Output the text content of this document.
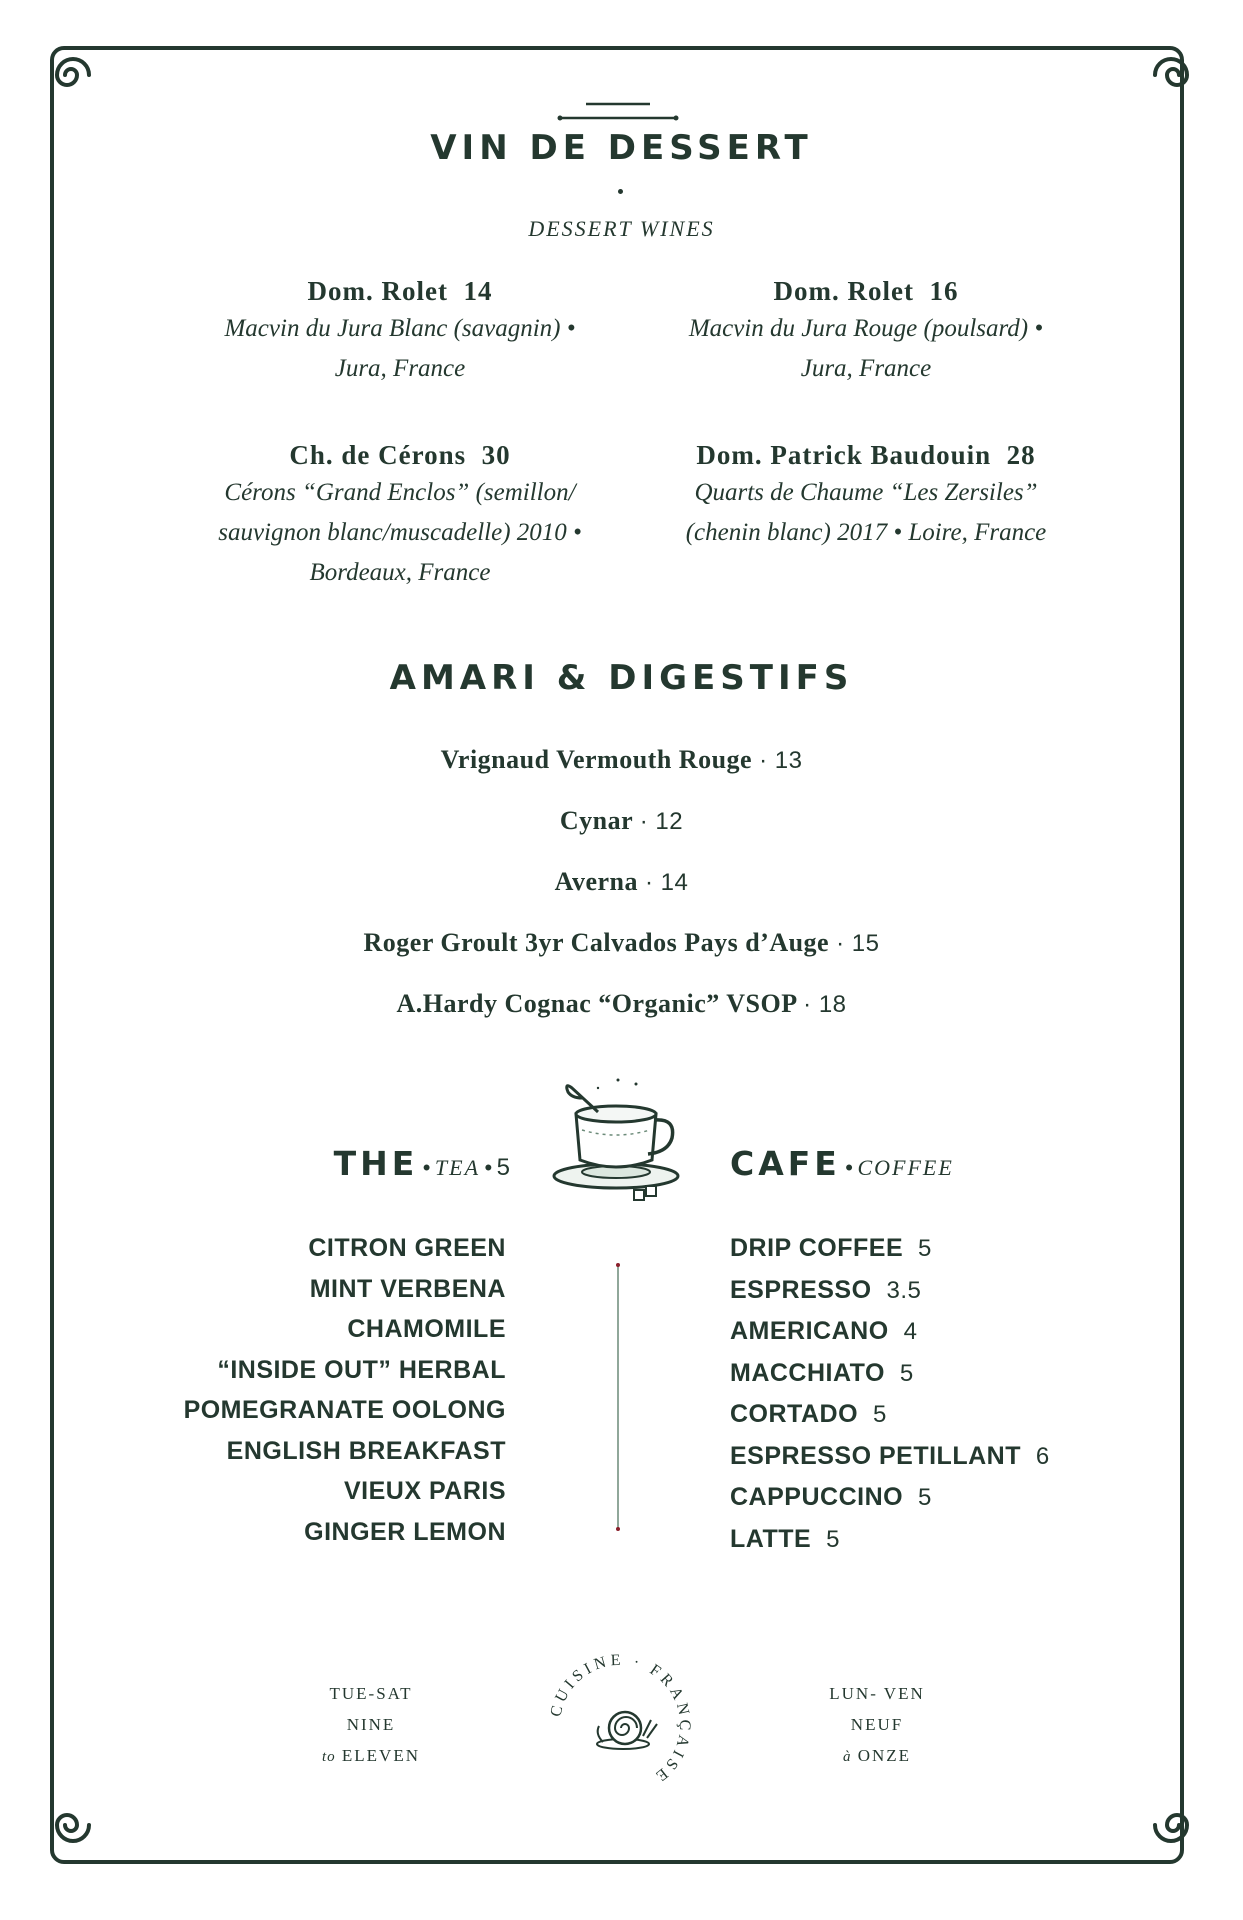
VIN DE DESSERT
DESSERT WINES
Dom. Rolet 14
Macvin du Jura Blanc (savagnin) •
Jura, France
Dom. Rolet 16
Macvin du Jura Rouge (poulsard) •
Jura, France
Ch. de Cérons 30
Cérons “Grand Enclos” (semillon/
sauvignon blanc/muscadelle) 2010 •
Bordeaux, France
Dom. Patrick Baudouin 28
Quarts de Chaume “Les Zersiles”
(chenin blanc) 2017 • Loire, France
AMARI & DIGESTIFS
Vrignaud Vermouth Rouge · 13
Cynar · 12
Averna · 14
Roger Groult 3yr Calvados Pays d’Auge · 15
A.Hardy Cognac “Organic” VSOP · 18
THE • TEA • 5	CAFE • COFFEE
CITRON GREEN
MINT VERBENA
CHAMOMILE
“INSIDE OUT” HERBAL
POMEGRANATE OOLONG
ENGLISH BREAKFAST
VIEUX PARIS
GINGER LEMON
DRIP COFFEE 5
ESPRESSO 3.5
AMERICANO 4
MACCHIATO 5
CORTADO 5
ESPRESSO PETILLANT 6
CAPPUCCINO 5
LATTE 5
TUE-SAT
NINE
to ELEVEN
CUISINE · FRANÇAISE
LUN- VEN
NEUF
à ONZE
